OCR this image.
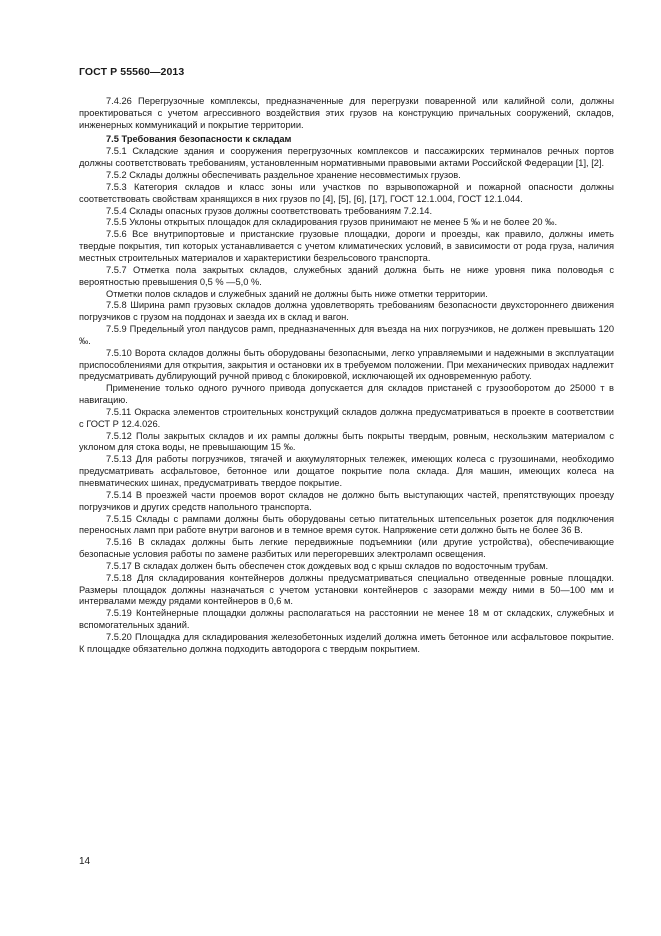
ГОСТ Р 55560—2013

7.4.26 Перегрузочные комплексы, предназначенные для перегрузки поваренной или калийной соли, должны проектироваться с учетом агрессивного воздействия этих грузов на конструкцию причальных сооружений, складов, инженерных коммуникаций и покрытие территории.

7.5 Требования безопасности к складам

7.5.1 Складские здания и сооружения перегрузочных комплексов и пассажирских терминалов речных портов должны соответствовать требованиям, установленным нормативными правовыми актами Российской Федерации [1], [2].

7.5.2 Склады должны обеспечивать раздельное хранение несовместимых грузов.

7.5.3 Категория складов и класс зоны или участков по взрывопожарной и пожарной опасности должны соответствовать свойствам хранящихся в них грузов по [4], [5], [6], [17], ГОСТ 12.1.004, ГОСТ 12.1.044.

7.5.4 Склады опасных грузов должны соответствовать требованиям 7.2.14.

7.5.5 Уклоны открытых площадок для складирования грузов принимают не менее 5 ‰ и не более 20 ‰.

7.5.6 Все внутрипортовые и пристанские грузовые площадки, дороги и проезды, как правило, должны иметь твердые покрытия, тип которых устанавливается с учетом климатических условий, в зависимости от рода груза, наличия местных строительных материалов и характеристики безрельсового транспорта.

7.5.7 Отметка пола закрытых складов, служебных зданий должна быть не ниже уровня пика половодья с вероятностью превышения 0,5 % —5,0 %.

Отметки полов складов и служебных зданий не должны быть ниже отметки территории.

7.5.8 Ширина рамп грузовых складов должна удовлетворять требованиям безопасности двухстороннего движения погрузчиков с грузом на поддонах и заезда их в склад и вагон.

7.5.9 Предельный угол пандусов рамп, предназначенных для въезда на них погрузчиков, не должен превышать 120 ‰.

7.5.10 Ворота складов должны быть оборудованы безопасными, легко управляемыми и надежными в эксплуатации приспособлениями для открытия, закрытия и остановки их в требуемом положении. При механических приводах надлежит предусматривать дублирующий ручной привод с блокировкой, исключающей их одновременную работу.

Применение только одного ручного привода допускается для складов пристаней с грузооборотом до 25000 т в навигацию.

7.5.11 Окраска элементов строительных конструкций складов должна предусматриваться в проекте в соответствии с ГОСТ Р 12.4.026.

7.5.12 Полы закрытых складов и их рампы должны быть покрыты твердым, ровным, нескользким материалом с уклоном для стока воды, не превышающим 15 ‰.

7.5.13 Для работы погрузчиков, тягачей и аккумуляторных тележек, имеющих колеса с грузошинами, необходимо предусматривать асфальтовое, бетонное или дощатое покрытие пола склада. Для машин, имеющих колеса на пневматических шинах, предусматривать твердое покрытие.

7.5.14 В проезжей части проемов ворот складов не должно быть выступающих частей, препятствующих проезду погрузчиков и других средств напольного транспорта.

7.5.15 Склады с рампами должны быть оборудованы сетью питательных штепсельных розеток для подключения переносных ламп при работе внутри вагонов и в темное время суток. Напряжение сети должно быть не более 36 В.

7.5.16 В складах должны быть легкие передвижные подъемники (или другие устройства), обеспечивающие безопасные условия работы по замене разбитых или перегоревших электроламп освещения.

7.5.17 В складах должен быть обеспечен сток дождевых вод с крыш складов по водосточным трубам.

7.5.18 Для складирования контейнеров должны предусматриваться специально отведенные ровные площадки. Размеры площадок должны назначаться с учетом установки контейнеров с зазорами между ними в 50—100 мм и интервалами между рядами контейнеров в 0,6 м.

7.5.19 Контейнерные площадки должны располагаться на расстоянии не менее 18 м от складских, служебных и вспомогательных зданий.

7.5.20 Площадка для складирования железобетонных изделий должна иметь бетонное или асфальтовое покрытие. К площадке обязательно должна подходить автодорога с твердым покрытием.

14
